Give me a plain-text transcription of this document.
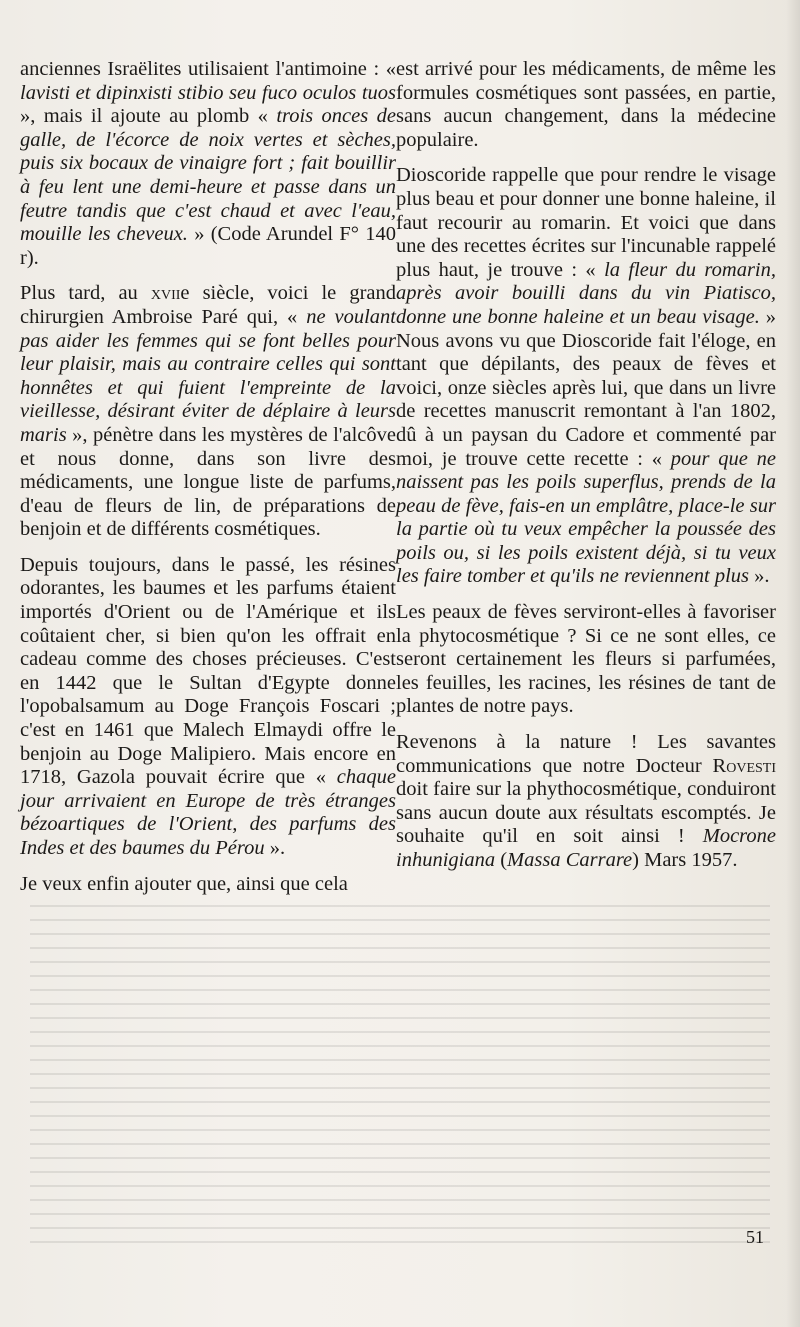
anciennes Israëlites utilisaient l'antimoine : « lavisti et dipinxisti stibio seu fuco oculos tuos », mais il ajoute au plomb « trois onces de galle, de l'écorce de noix vertes et sèches, puis six bocaux de vinaigre fort ; fait bouillir à feu lent une demi-heure et passe dans un feutre tandis que c'est chaud et avec l'eau, mouille les cheveux. » (Code Arundel F° 140 r).

Plus tard, au xviie siècle, voici le grand chirurgien Ambroise Paré qui, « ne voulant pas aider les femmes qui se font belles pour leur plaisir, mais au contraire celles qui sont honnêtes et qui fuient l'empreinte de la vieillesse, désirant éviter de déplaire à leurs maris », pénètre dans les mystères de l'alcôve et nous donne, dans son livre des médicaments, une longue liste de parfums, d'eau de fleurs de lin, de préparations de benjoin et de différents cosmétiques.

Depuis toujours, dans le passé, les résines odorantes, les baumes et les parfums étaient importés d'Orient ou de l'Amérique et ils coûtaient cher, si bien qu'on les offrait en cadeau comme des choses précieuses. C'est en 1442 que le Sultan d'Egypte donne l'opobalsamum au Doge François Foscari ; c'est en 1461 que Malech Elmaydi offre le benjoin au Doge Malipiero. Mais encore en 1718, Gazola pouvait écrire que « chaque jour arrivaient en Europe de très étranges bézoartiques de l'Orient, des parfums des Indes et des baumes du Pérou ».

Je veux enfin ajouter que, ainsi que cela

est arrivé pour les médicaments, de même les formules cosmétiques sont passées, en partie, sans aucun changement, dans la médecine populaire.

Dioscoride rappelle que pour rendre le visage plus beau et pour donner une bonne haleine, il faut recourir au romarin. Et voici que dans une des recettes écrites sur l'incunable rappelé plus haut, je trouve : « la fleur du romarin, après avoir bouilli dans du vin Piatisco, donne une bonne haleine et un beau visage. » Nous avons vu que Dioscoride fait l'éloge, en tant que dépilants, des peaux de fèves et voici, onze siècles après lui, que dans un livre de recettes manuscrit remontant à l'an 1802, dû à un paysan du Cadore et commenté par moi, je trouve cette recette : « pour que ne naissent pas les poils superflus, prends de la peau de fève, fais-en un emplâtre, place-le sur la partie où tu veux empêcher la poussée des poils ou, si les poils existent déjà, si tu veux les faire tomber et qu'ils ne reviennent plus ».

Les peaux de fèves serviront-elles à favoriser la phytocosmétique ? Si ce ne sont elles, ce seront certainement les fleurs si parfumées, les feuilles, les racines, les résines de tant de plantes de notre pays.

Revenons à la nature ! Les savantes communications que notre Docteur Rovesti doit faire sur la phythocosmétique, conduiront sans aucun doute aux résultats escomptés. Je souhaite qu'il en soit ainsi ! Mocrone inhunigiana (Massa Carrare) Mars 1957.

51
